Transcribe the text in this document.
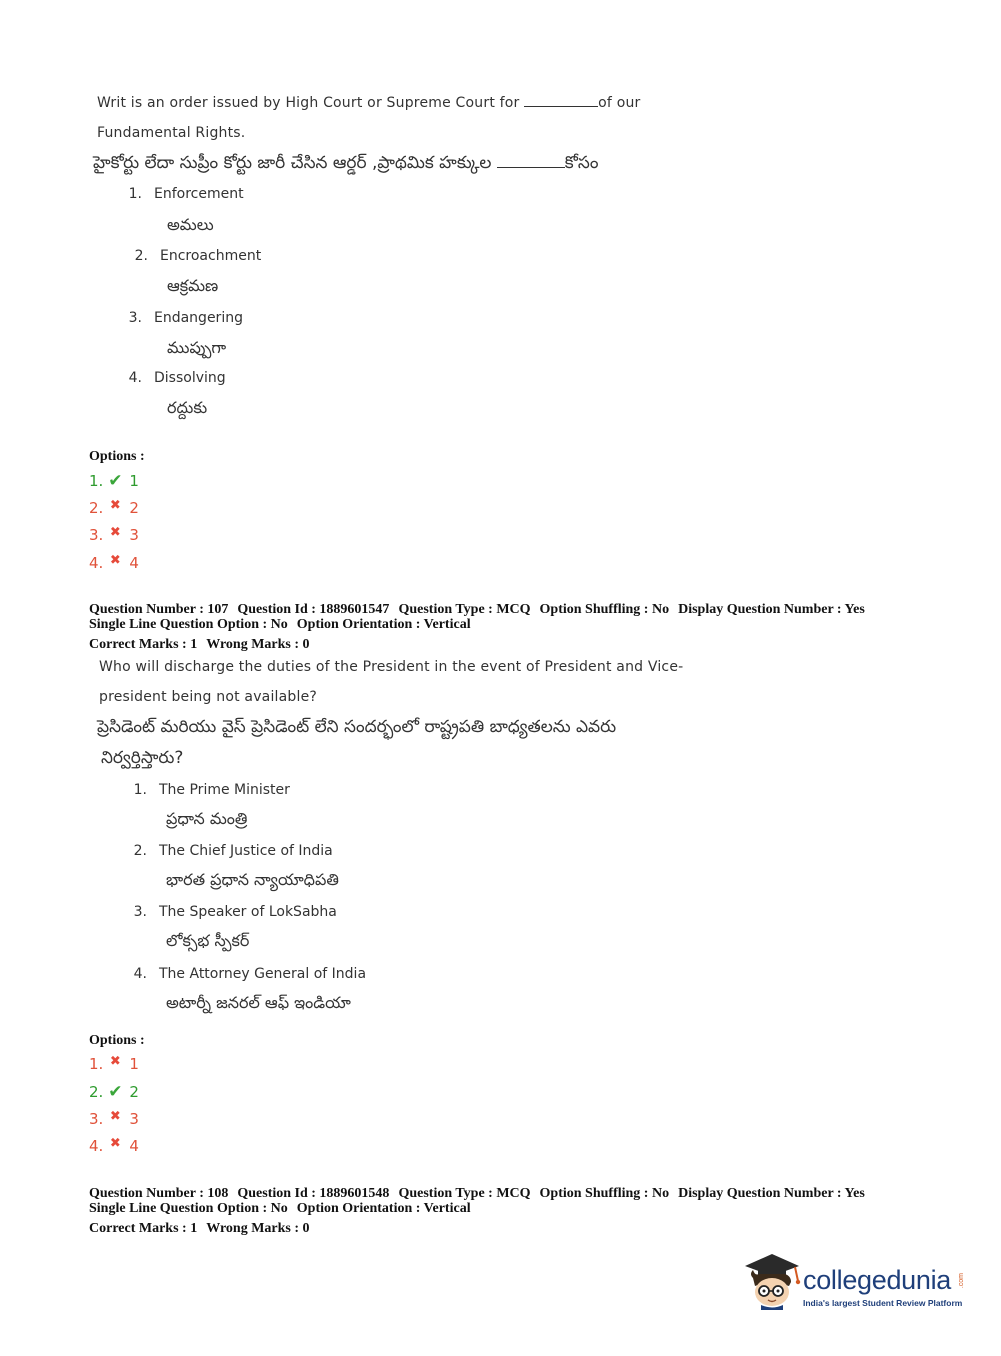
Writ is an order issued by High Court or Supreme Court for	of our
Fundamental Rights.
హైకోర్టు లేదా సుప్రీం కోర్టు జారీ చేసిన ఆర్డర్ ,ప్రాథమిక హక్కుల	కోసం
1. Enforcement
అమలు
2. Encroachment
ఆక్రమణ
3. Endangering
ముప్పుగా
4. Dissolving
రద్దుకు
Options :
1. ✔ 1
2. ✖ 2
3. ✖ 3
4. ✖ 4
Question Number : 107 Question Id : 1889601547 Question Type : MCQ Option Shuffling : No Display Question Number : Yes
Single Line Question Option : No Option Orientation : Vertical
Correct Marks : 1 Wrong Marks : 0
Who will discharge the duties of the President in the event of President and Vice-
president being not available?
ప్రెసిడెంట్ మరియు వైస్ ప్రెసిడెంట్ లేని సందర్భంలో రాష్ట్రపతి బాధ్యతలను ఎవరు
నిర్వర్తిస్తారు?
1. The Prime Minister
ప్రధాన మంత్రి
2. The Chief Justice of India
భారత ప్రధాన న్యాయాధిపతి
3. The Speaker of LokSabha
లోక్సభ స్పీకర్
4. The Attorney General of India
అటార్నీ జనరల్ ఆఫ్ ఇండియా
Options :
1. ✖ 1
2. ✔ 2
3. ✖ 3
4. ✖ 4
Question Number : 108 Question Id : 1889601548 Question Type : MCQ Option Shuffling : No Display Question Number : Yes
Single Line Question Option : No Option Orientation : Vertical
Correct Marks : 1 Wrong Marks : 0
collegedunia .com
India's largest Student Review Platform
